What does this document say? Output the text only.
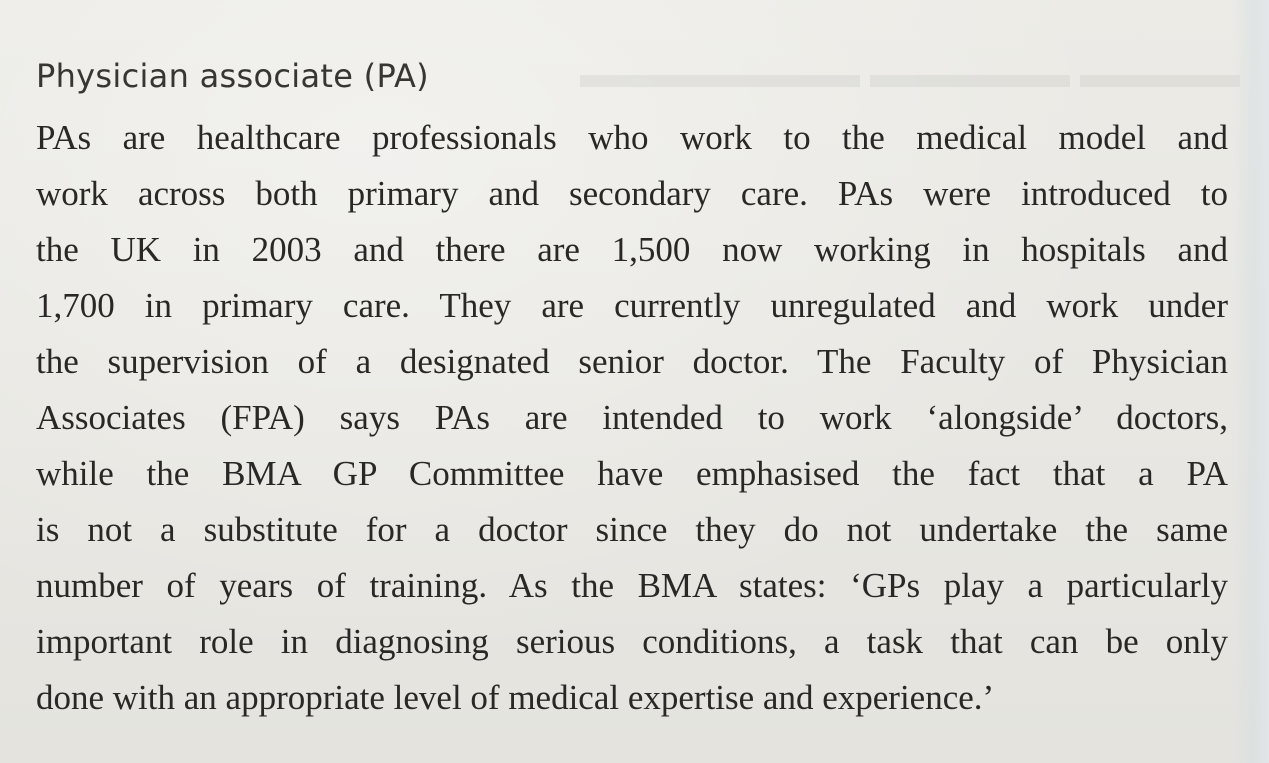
▬▬▬▬ ▬▬▬▬▬ ▬▬▬▬▬▬▬
Physician associate (PA)
PAs are healthcare professionals who work to the medical model and
work across both primary and secondary care. PAs were introduced to
the UK in 2003 and there are 1,500 now working in hospitals and
1,700 in primary care. They are currently unregulated and work under
the supervision of a designated senior doctor. The Faculty of Physician
Associates (FPA) says PAs are intended to work ‘alongside’ doctors,
while the BMA GP Committee have emphasised the fact that a PA
is not a substitute for a doctor since they do not undertake the same
number of years of training. As the BMA states: ‘GPs play a particularly
important role in diagnosing serious conditions, a task that can be only
done with an appropriate level of medical expertise and experience.’
